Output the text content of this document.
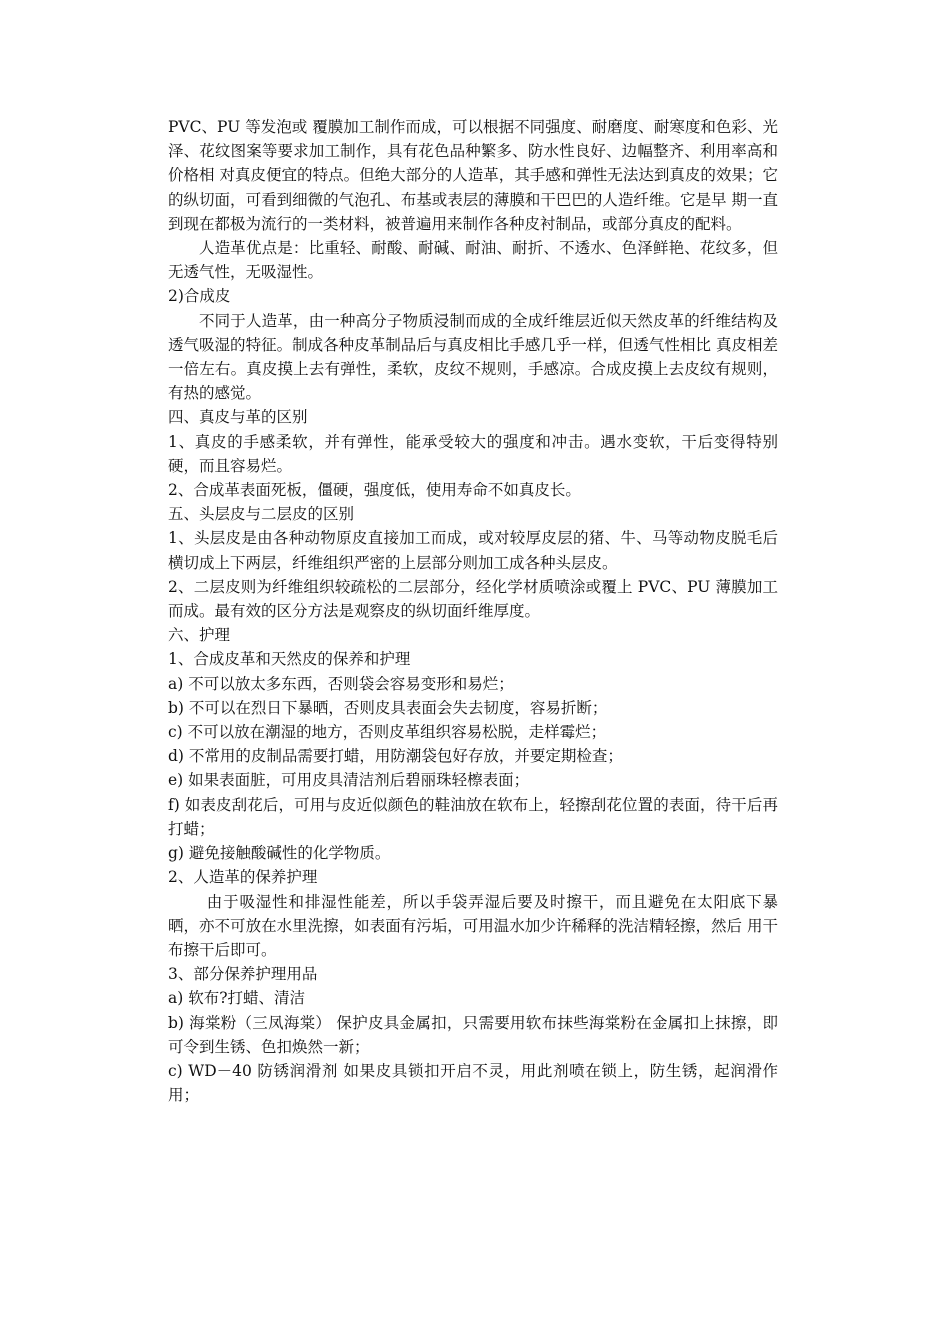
PVC、PU 等发泡或 覆膜加工制作而成，可以根据不同强度、耐磨度、耐寒度和色彩、光泽、花纹图案等要求加工制作，具有花色品种繁多、防水性良好、边幅整齐、利用率高和价格相 对真皮便宜的特点。但绝大部分的人造革，其手感和弹性无法达到真皮的效果；它的纵切面，可看到细微的气泡孔、布基或表层的薄膜和干巴巴的人造纤维。它是早 期一直到现在都极为流行的一类材料，被普遍用来制作各种皮衬制品，或部分真皮的配料。

人造革优点是：比重轻、耐酸、耐碱、耐油、耐折、不透水、色泽鲜艳、花纹多，但无透气性，无吸湿性。

2)合成皮

不同于人造革，由一种高分子物质浸制而成的全成纤维层近似天然皮革的纤维结构及透气吸湿的特征。制成各种皮革制品后与真皮相比手感几乎一样，但透气性相比 真皮相差一倍左右。真皮摸上去有弹性，柔软，皮纹不规则，手感凉。合成皮摸上去皮纹有规则，有热的感觉。

四、真皮与革的区别

1、真皮的手感柔软，并有弹性，能承受较大的强度和冲击。遇水变软，干后变得特别硬，而且容易烂。

2、合成革表面死板，僵硬，强度低，使用寿命不如真皮长。

五、头层皮与二层皮的区别

1、头层皮是由各种动物原皮直接加工而成，或对较厚皮层的猪、牛、马等动物皮脱毛后横切成上下两层，纤维组织严密的上层部分则加工成各种头层皮。

2、二层皮则为纤维组织较疏松的二层部分，经化学材质喷涂或覆上 PVC、PU 薄膜加工而成。最有效的区分方法是观察皮的纵切面纤维厚度。

六、护理

1、合成皮革和天然皮的保养和护理

a) 不可以放太多东西，否则袋会容易变形和易烂；

b) 不可以在烈日下暴晒，否则皮具表面会失去韧度，容易折断；

c) 不可以放在潮湿的地方，否则皮革组织容易松脱，走样霉烂；

d) 不常用的皮制品需要打蜡，用防潮袋包好存放，并要定期检查；

e) 如果表面脏，可用皮具清洁剂后碧丽珠轻檫表面；

f) 如表皮刮花后，可用与皮近似颜色的鞋油放在软布上，轻擦刮花位置的表面，待干后再打蜡；

g) 避免接触酸碱性的化学物质。

2、人造革的保养护理

由于吸湿性和排湿性能差，所以手袋弄湿后要及时擦干，而且避免在太阳底下暴晒，亦不可放在水里洗擦，如表面有污垢，可用温水加少许稀释的洗洁精轻擦，然后 用干布擦干后即可。

3、部分保养护理用品

a) 软布?打蜡、清洁

b) 海棠粉（三凤海棠） 保护皮具金属扣，只需要用软布抹些海棠粉在金属扣上抹擦，即可令到生锈、色扣焕然一新；

c) WD－40 防锈润滑剂 如果皮具锁扣开启不灵，用此剂喷在锁上，防生锈，起润滑作用；
